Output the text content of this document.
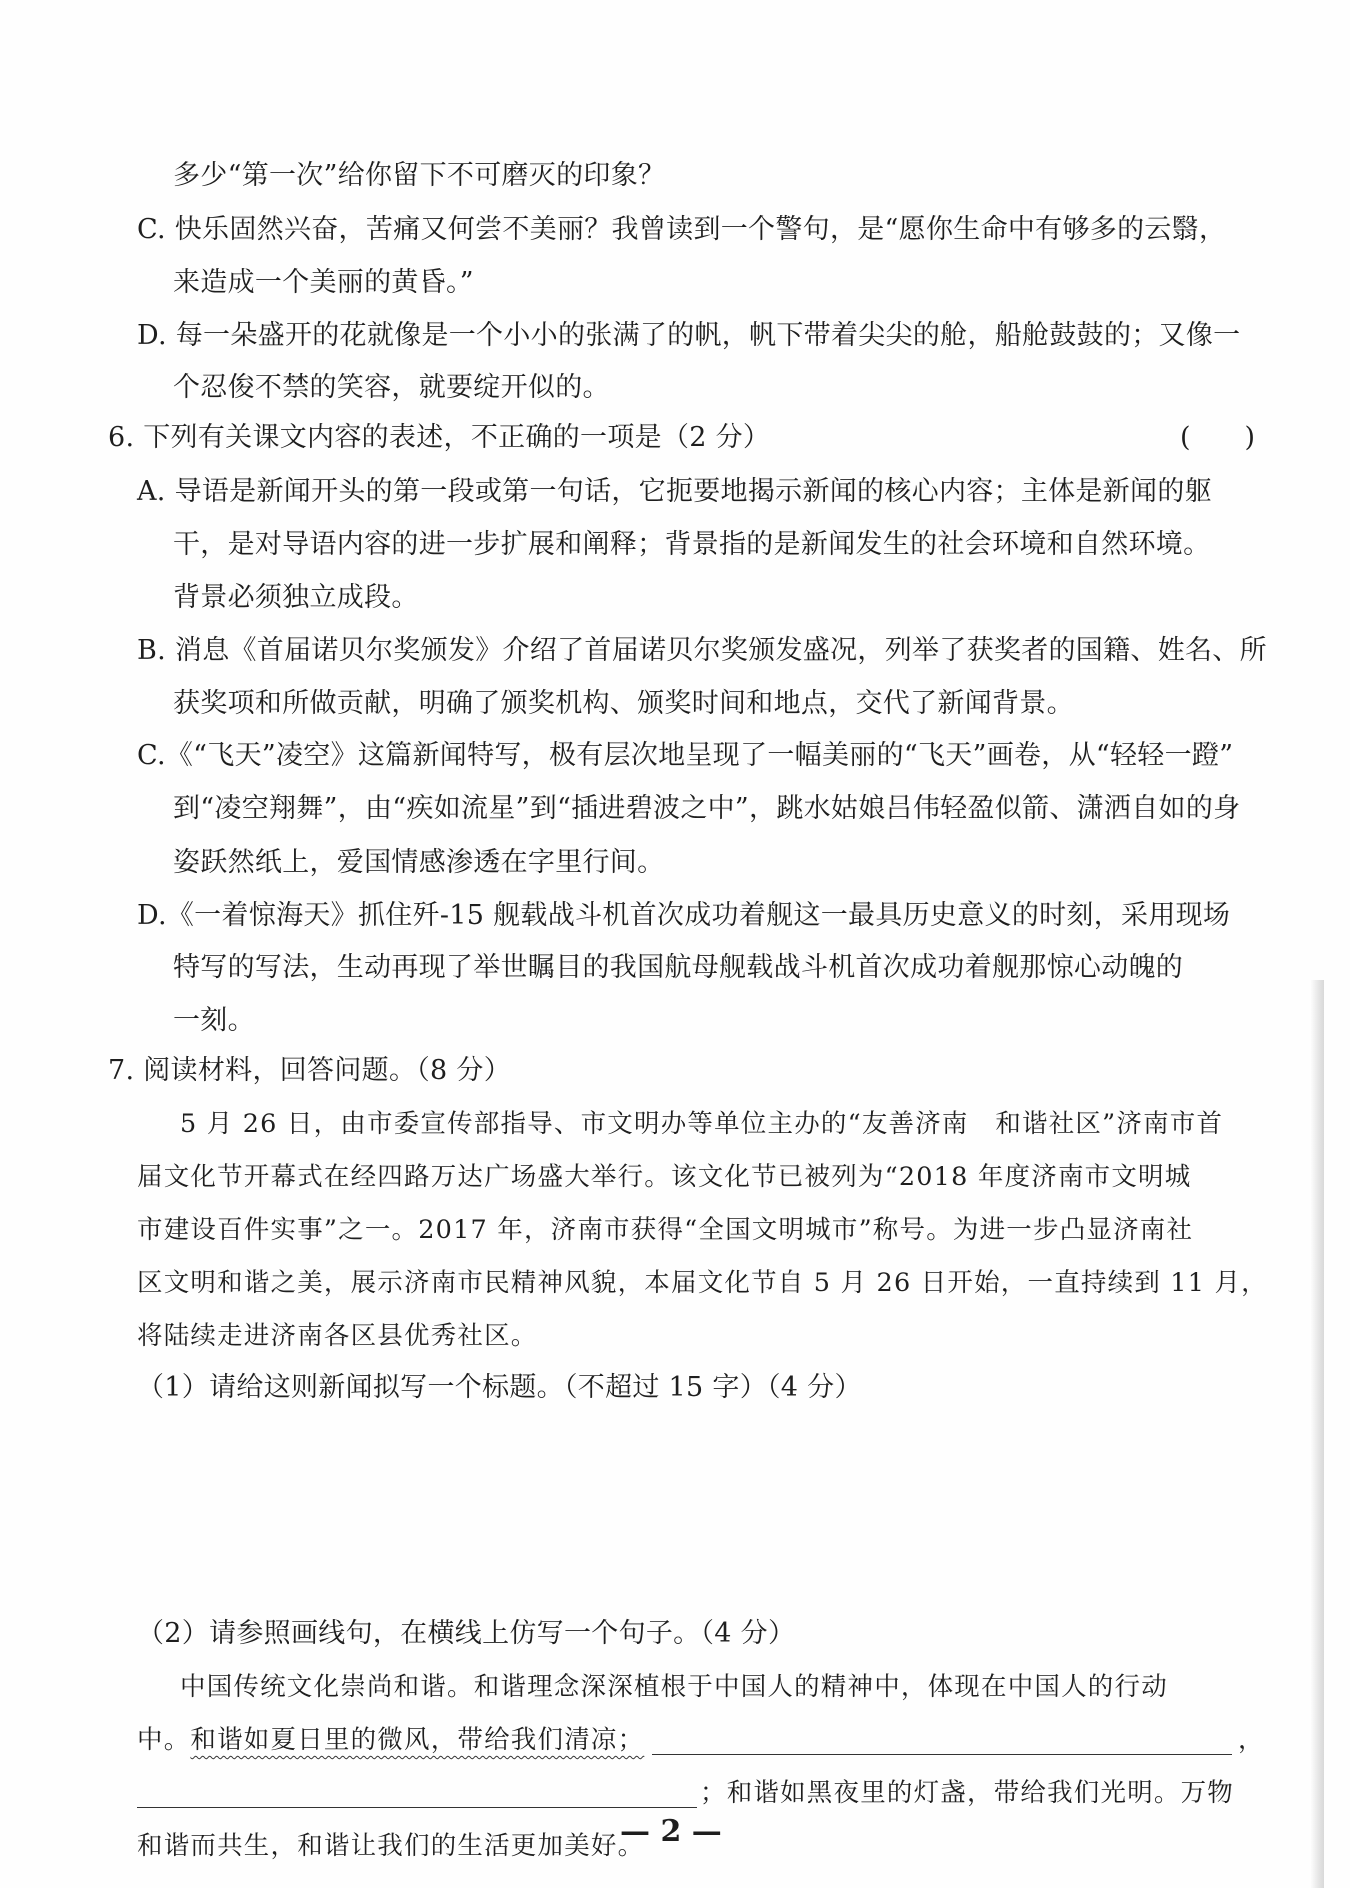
多少“第一次”给你留下不可磨灭的印象？
C. 快乐固然兴奋，苦痛又何尝不美丽？我曾读到一个警句，是“愿你生命中有够多的云翳，
来造成一个美丽的黄昏。”
D. 每一朵盛开的花就像是一个小小的张满了的帆，帆下带着尖尖的舱，船舱鼓鼓的；又像一
个忍俊不禁的笑容，就要绽开似的。
6. 下列有关课文内容的表述，不正确的一项是（2 分）	(　　)
A. 导语是新闻开头的第一段或第一句话，它扼要地揭示新闻的核心内容；主体是新闻的躯
干，是对导语内容的进一步扩展和阐释；背景指的是新闻发生的社会环境和自然环境。
背景必须独立成段。
B. 消息《首届诺贝尔奖颁发》介绍了首届诺贝尔奖颁发盛况，列举了获奖者的国籍、姓名、所
获奖项和所做贡献，明确了颁奖机构、颁奖时间和地点，交代了新闻背景。
C.《“飞天”凌空》这篇新闻特写，极有层次地呈现了一幅美丽的“飞天”画卷，从“轻轻一蹬”
到“凌空翔舞”，由“疾如流星”到“插进碧波之中”，跳水姑娘吕伟轻盈似箭、潇洒自如的身
姿跃然纸上，爱国情感渗透在字里行间。
D.《一着惊海天》抓住歼-15 舰载战斗机首次成功着舰这一最具历史意义的时刻，采用现场
特写的写法，生动再现了举世瞩目的我国航母舰载战斗机首次成功着舰那惊心动魄的
一刻。
7. 阅读材料，回答问题。（8 分）
5 月 26 日，由市委宣传部指导、市文明办等单位主办的“友善济南　和谐社区”济南市首
届文化节开幕式在经四路万达广场盛大举行。该文化节已被列为“2018 年度济南市文明城
市建设百件实事”之一。2017 年，济南市获得“全国文明城市”称号。为进一步凸显济南社
区文明和谐之美，展示济南市民精神风貌，本届文化节自 5 月 26 日开始，一直持续到 11 月，
将陆续走进济南各区县优秀社区。
（1）请给这则新闻拟写一个标题。（不超过 15 字）（4 分）
（2）请参照画线句，在横线上仿写一个句子。（4 分）
中国传统文化崇尚和谐。和谐理念深深植根于中国人的精神中，体现在中国人的行动
中。和谐如夏日里的微风，带给我们清凉；	，
；和谐如黑夜里的灯盏，带给我们光明。万物
和谐而共生，和谐让我们的生活更加美好。
— 2 —
